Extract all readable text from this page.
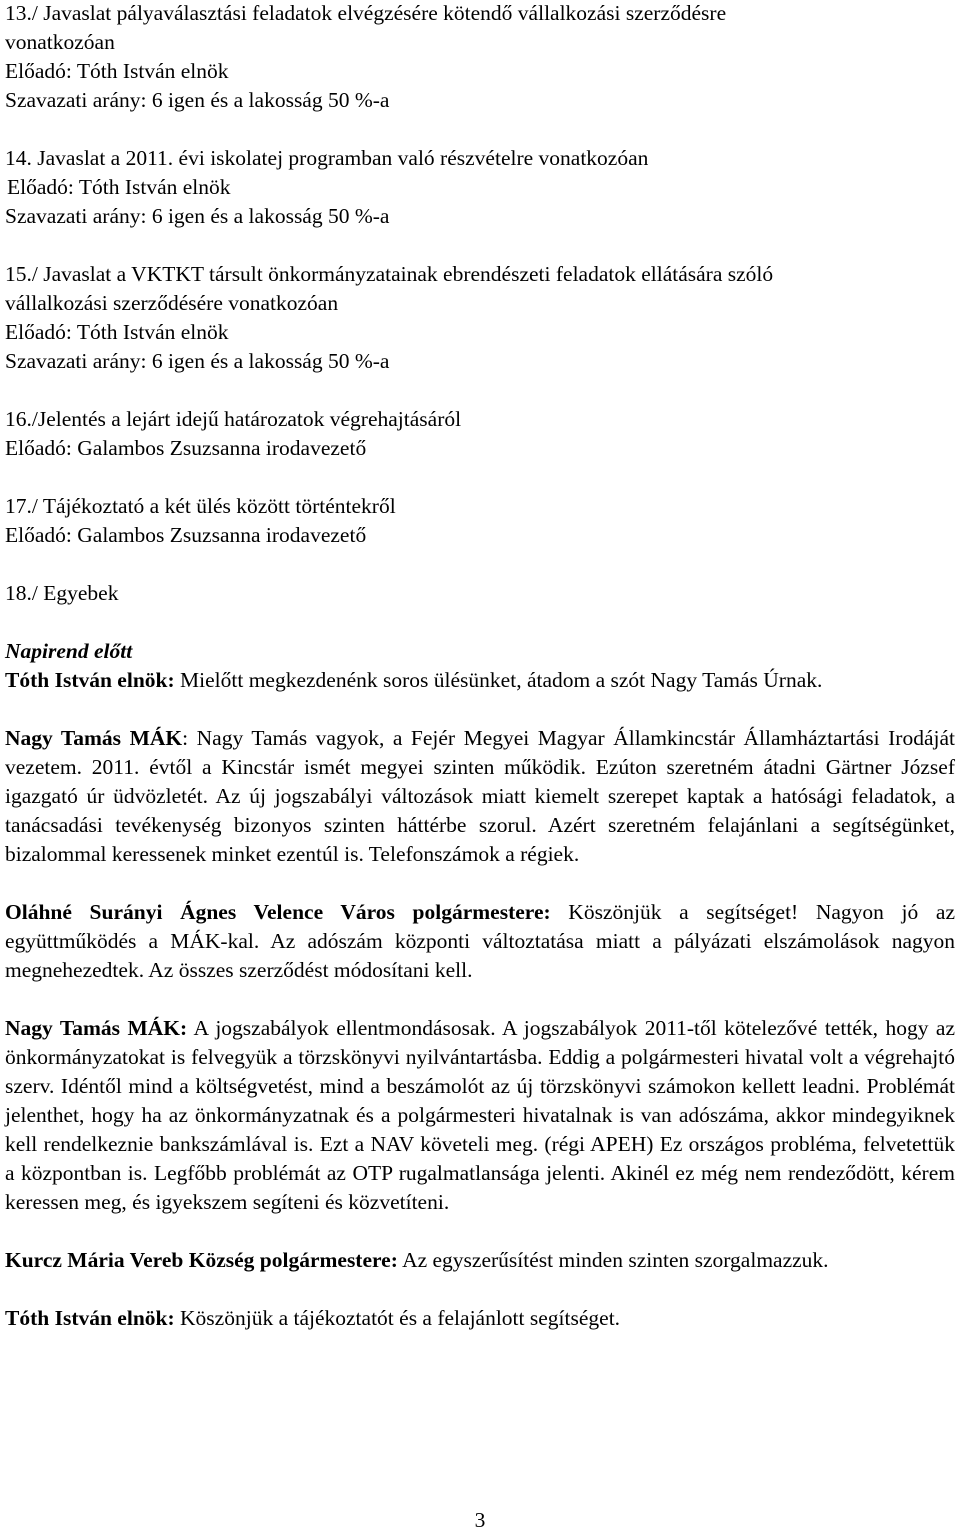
13./ Javaslat pályaválasztási feladatok elvégzésére kötendő vállalkozási szerződésre

vonatkozóan

Előadó: Tóth István elnök

Szavazati arány: 6 igen és a lakosság 50 %-a

14. Javaslat a 2011. évi iskolatej programban való részvételre vonatkozóan

Előadó: Tóth István elnök

Szavazati arány: 6 igen és a lakosság 50 %-a

15./ Javaslat a VKTKT társult önkormányzatainak ebrendészeti feladatok ellátására szóló

vállalkozási szerződésére vonatkozóan

Előadó: Tóth István elnök

Szavazati arány: 6 igen és a lakosság 50 %-a

16./Jelentés a lejárt idejű határozatok végrehajtásáról

Előadó: Galambos Zsuzsanna irodavezető

17./ Tájékoztató a két ülés között történtekről

Előadó: Galambos Zsuzsanna irodavezető

18./ Egyebek

Napirend előtt

Tóth István elnök: Mielőtt megkezdenénk soros ülésünket, átadom a szót Nagy Tamás Úrnak.

Nagy Tamás MÁK: Nagy Tamás vagyok, a Fejér Megyei Magyar Államkincstár Államháztartási Irodáját vezetem. 2011. évtől a Kincstár ismét megyei szinten működik. Ezúton szeretném átadni Gärtner József igazgató úr üdvözletét. Az új jogszabályi változások miatt kiemelt szerepet kaptak a hatósági feladatok, a tanácsadási tevékenység bizonyos szinten háttérbe szorul. Azért szeretném felajánlani a segítségünket, bizalommal keressenek minket ezentúl is. Telefonszámok a régiek.

Oláhné Surányi Ágnes Velence Város polgármestere: Köszönjük a segítséget! Nagyon jó az együttműködés a MÁK-kal. Az adószám központi változtatása miatt a pályázati elszámolások nagyon megnehezedtek. Az összes szerződést módosítani kell.

Nagy Tamás MÁK: A jogszabályok ellentmondásosak. A jogszabályok 2011-től kötelezővé tették, hogy az önkormányzatokat is felvegyük a törzskönyvi nyilvántartásba. Eddig a polgármesteri hivatal volt a végrehajtó szerv. Idéntől mind a költségvetést, mind a beszámolót az új törzskönyvi számokon kellett leadni. Problémát jelenthet, hogy ha az önkormányzatnak és a polgármesteri hivatalnak is van adószáma, akkor mindegyiknek kell rendelkeznie bankszámlával is. Ezt a NAV követeli meg. (régi APEH) Ez országos probléma, felvetettük a központban is. Legfőbb problémát az OTP rugalmatlansága jelenti. Akinél ez még nem rendeződött, kérem keressen meg, és igyekszem segíteni és közvetíteni.

Kurcz Mária Vereb Község polgármestere: Az egyszerűsítést minden szinten szorgalmazzuk.

Tóth István elnök: Köszönjük a tájékoztatót és a felajánlott segítséget.

3
